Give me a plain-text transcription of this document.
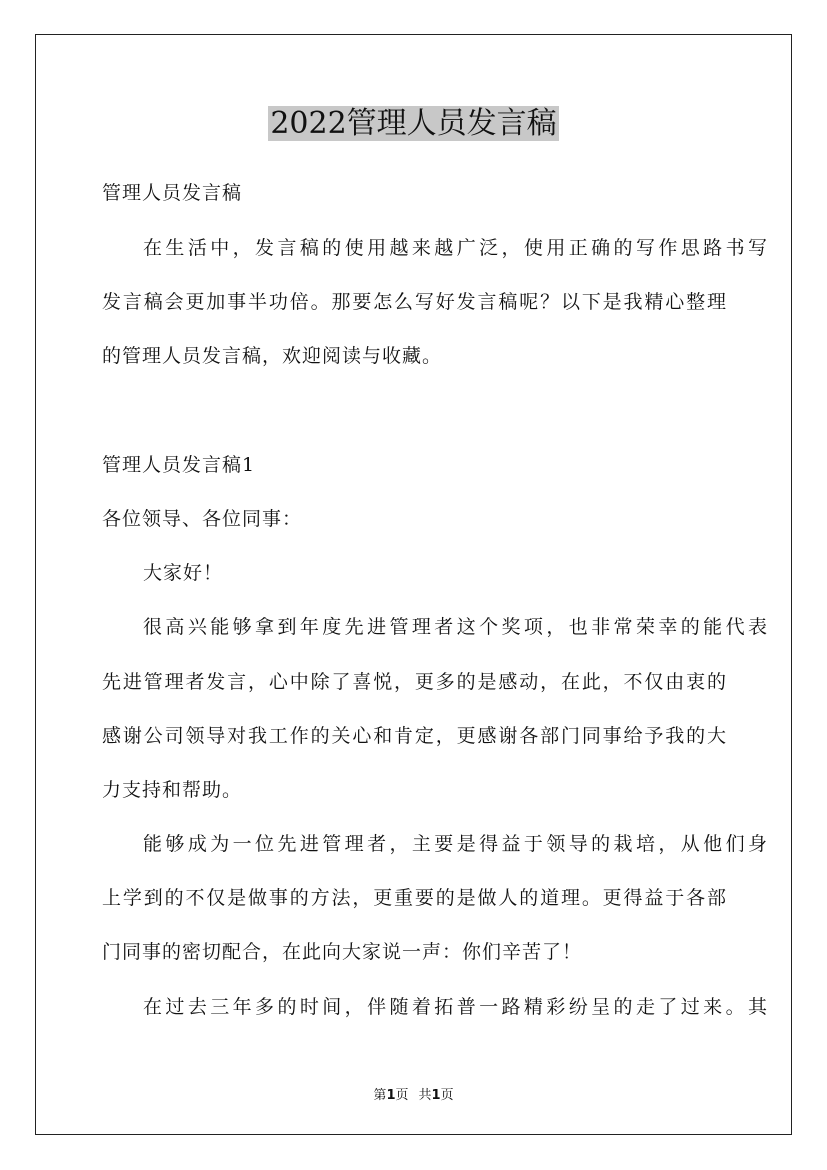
2022管理人员发言稿
管理人员发言稿
在生活中，发言稿的使用越来越广泛，使用正确的写作思路书写
发言稿会更加事半功倍。那要怎么写好发言稿呢？以下是我精心整理
的管理人员发言稿，欢迎阅读与收藏。
管理人员发言稿1
各位领导、各位同事：
大家好！
很高兴能够拿到年度先进管理者这个奖项，也非常荣幸的能代表
先进管理者发言，心中除了喜悦，更多的是感动，在此，不仅由衷的
感谢公司领导对我工作的关心和肯定，更感谢各部门同事给予我的大
力支持和帮助。
能够成为一位先进管理者，主要是得益于领导的栽培，从他们身
上学到的不仅是做事的方法，更重要的是做人的道理。更得益于各部
门同事的密切配合，在此向大家说一声：你们辛苦了！
在过去三年多的时间，伴随着拓普一路精彩纷呈的走了过来。其
第1页 共1页
